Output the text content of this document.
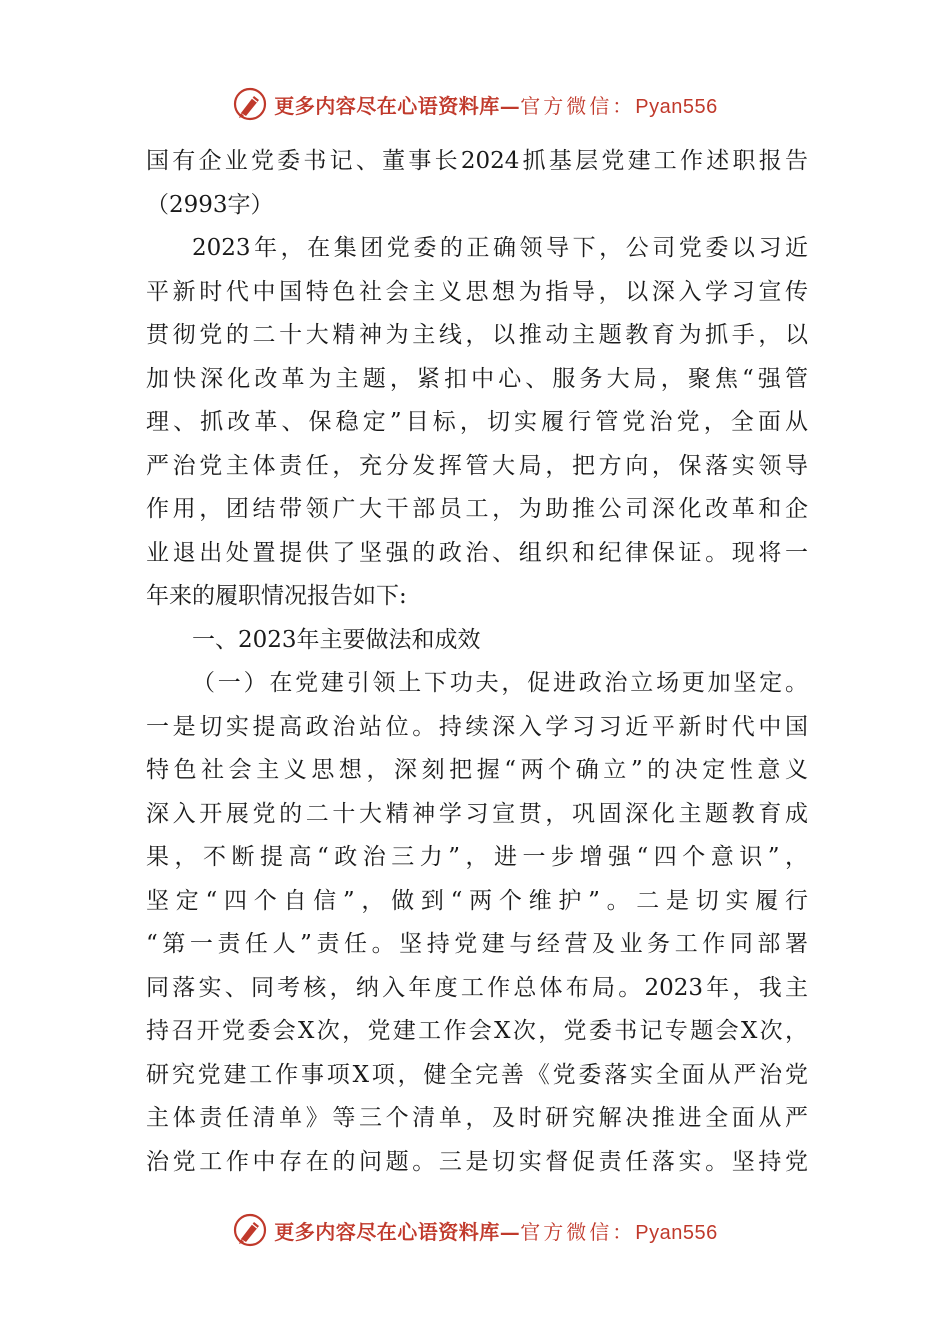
更多内容尽在心语资料库—官方微信：Pyan556
国有企业党委书记、董事长2024抓基层党建工作述职报告
（2993字）
2023年，在集团党委的正确领导下，公司党委以习近
平新时代中国特色社会主义思想为指导，以深入学习宣传
贯彻党的二十大精神为主线，以推动主题教育为抓手，以
加快深化改革为主题，紧扣中心、服务大局，聚焦“强管
理、抓改革、保稳定”目标，切实履行管党治党，全面从
严治党主体责任，充分发挥管大局，把方向，保落实领导
作用，团结带领广大干部员工，为助推公司深化改革和企
业退出处置提供了坚强的政治、组织和纪律保证。现将一
年来的履职情况报告如下:
一、2023年主要做法和成效
（一）在党建引领上下功夫，促进政治立场更加坚定。
一是切实提高政治站位。持续深入学习习近平新时代中国
特色社会主义思想，深刻把握“两个确立”的决定性意义
深入开展党的二十大精神学习宣贯，巩固深化主题教育成
果，不断提高“政治三力”，进一步增强“四个意识”，
坚定“四个自信”，做到“两个维护”。二是切实履行
“第一责任人”责任。坚持党建与经营及业务工作同部署
同落实、同考核，纳入年度工作总体布局。2023年，我主
持召开党委会X次，党建工作会X次，党委书记专题会X次，
研究党建工作事项X项，健全完善《党委落实全面从严治党
主体责任清单》等三个清单，及时研究解决推进全面从严
治党工作中存在的问题。三是切实督促责任落实。坚持党
更多内容尽在心语资料库—官方微信：Pyan556
